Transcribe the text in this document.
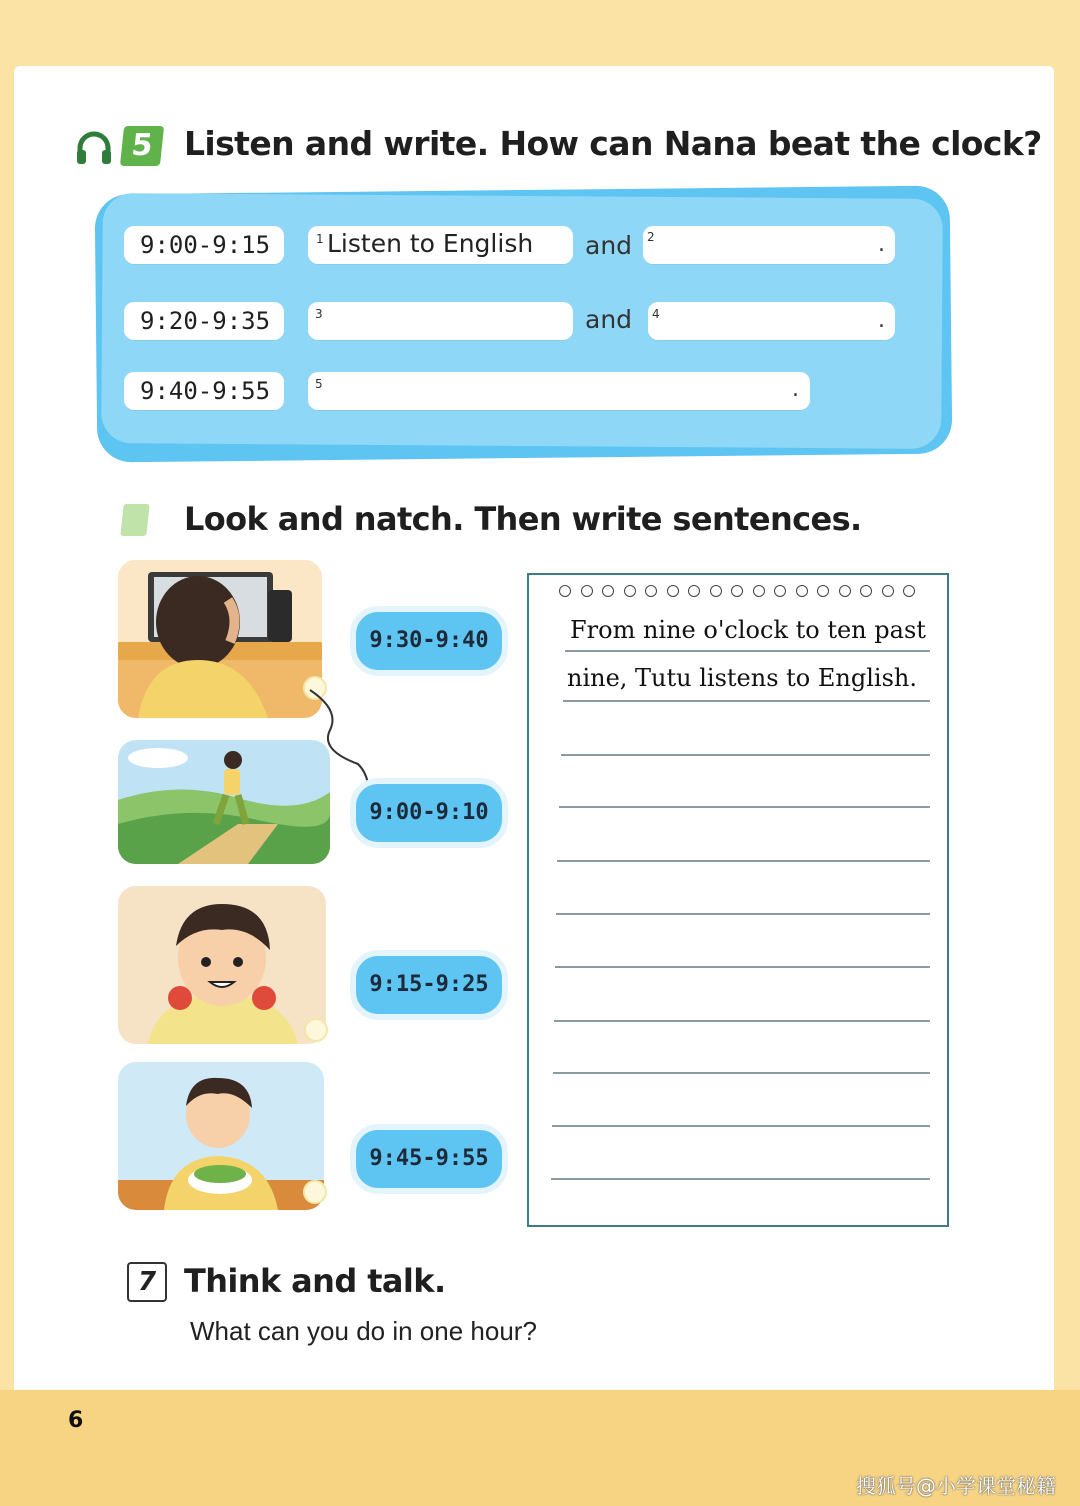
5 Listen and write. How can Nana beat the clock?
9:00-9:15	1 Listen to English and 2	.
9:20-9:35	3	and 4	.
9:40-9:55	5	.
Look and natch. Then write sentences.
9:30-9:40
9:00-9:10
9:15-9:25
9:45-9:55
From nine o'clock to ten past
nine, Tutu listens to English.
7 Think and talk.
What can you do in one hour?
6
搜狐号@小学课堂秘籍
